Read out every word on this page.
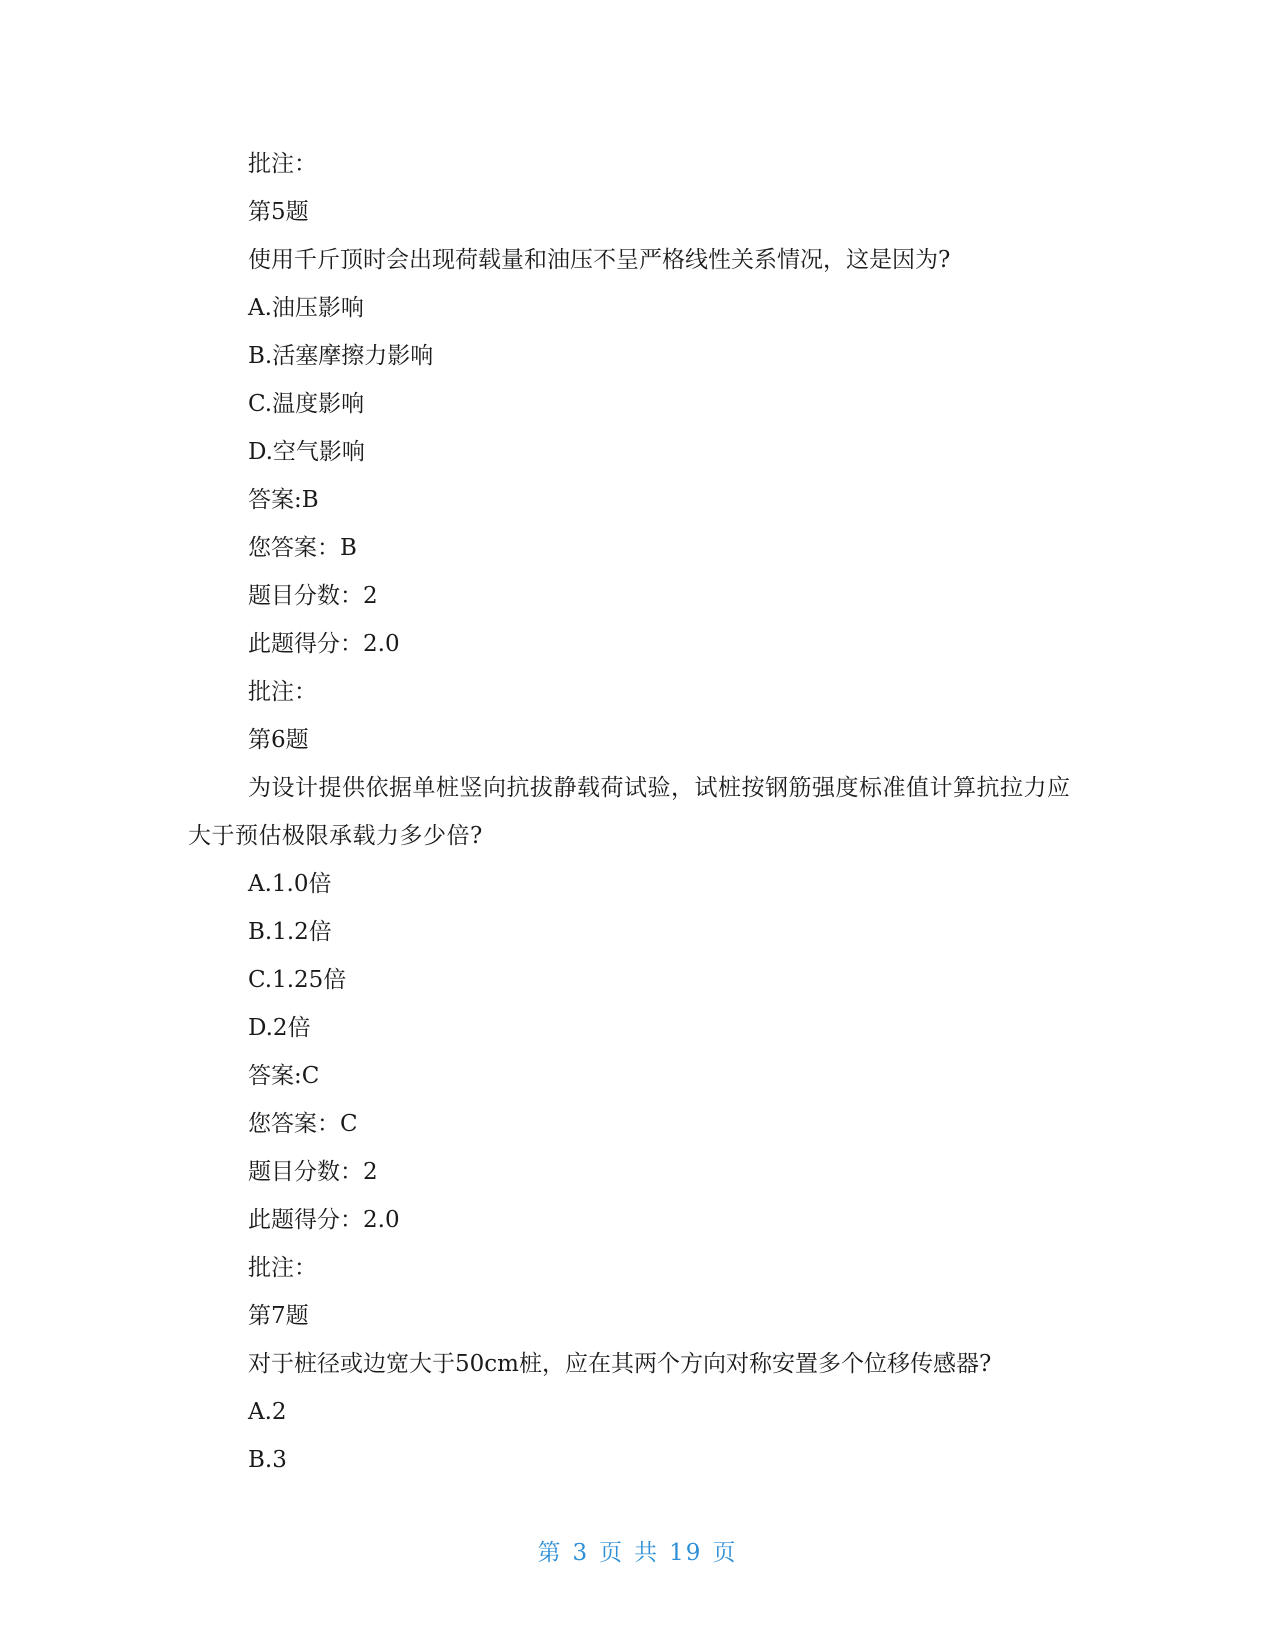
批注：
第5题
使用千斤顶时会出现荷载量和油压不呈严格线性关系情况，这是因为?
A.油压影响
B.活塞摩擦力影响
C.温度影响
D.空气影响
答案:B
您答案：B
题目分数：2
此题得分：2.0
批注：
第6题
为设计提供依据单桩竖向抗拔静载荷试验，试桩按钢筋强度标准值计算抗拉力应大于预估极限承载力多少倍?
A.1.0倍
B.1.2倍
C.1.25倍
D.2倍
答案:C
您答案：C
题目分数：2
此题得分：2.0
批注：
第7题
对于桩径或边宽大于50cm桩，应在其两个方向对称安置多个位移传感器?
A.2
B.3
第 3 页 共 19 页
